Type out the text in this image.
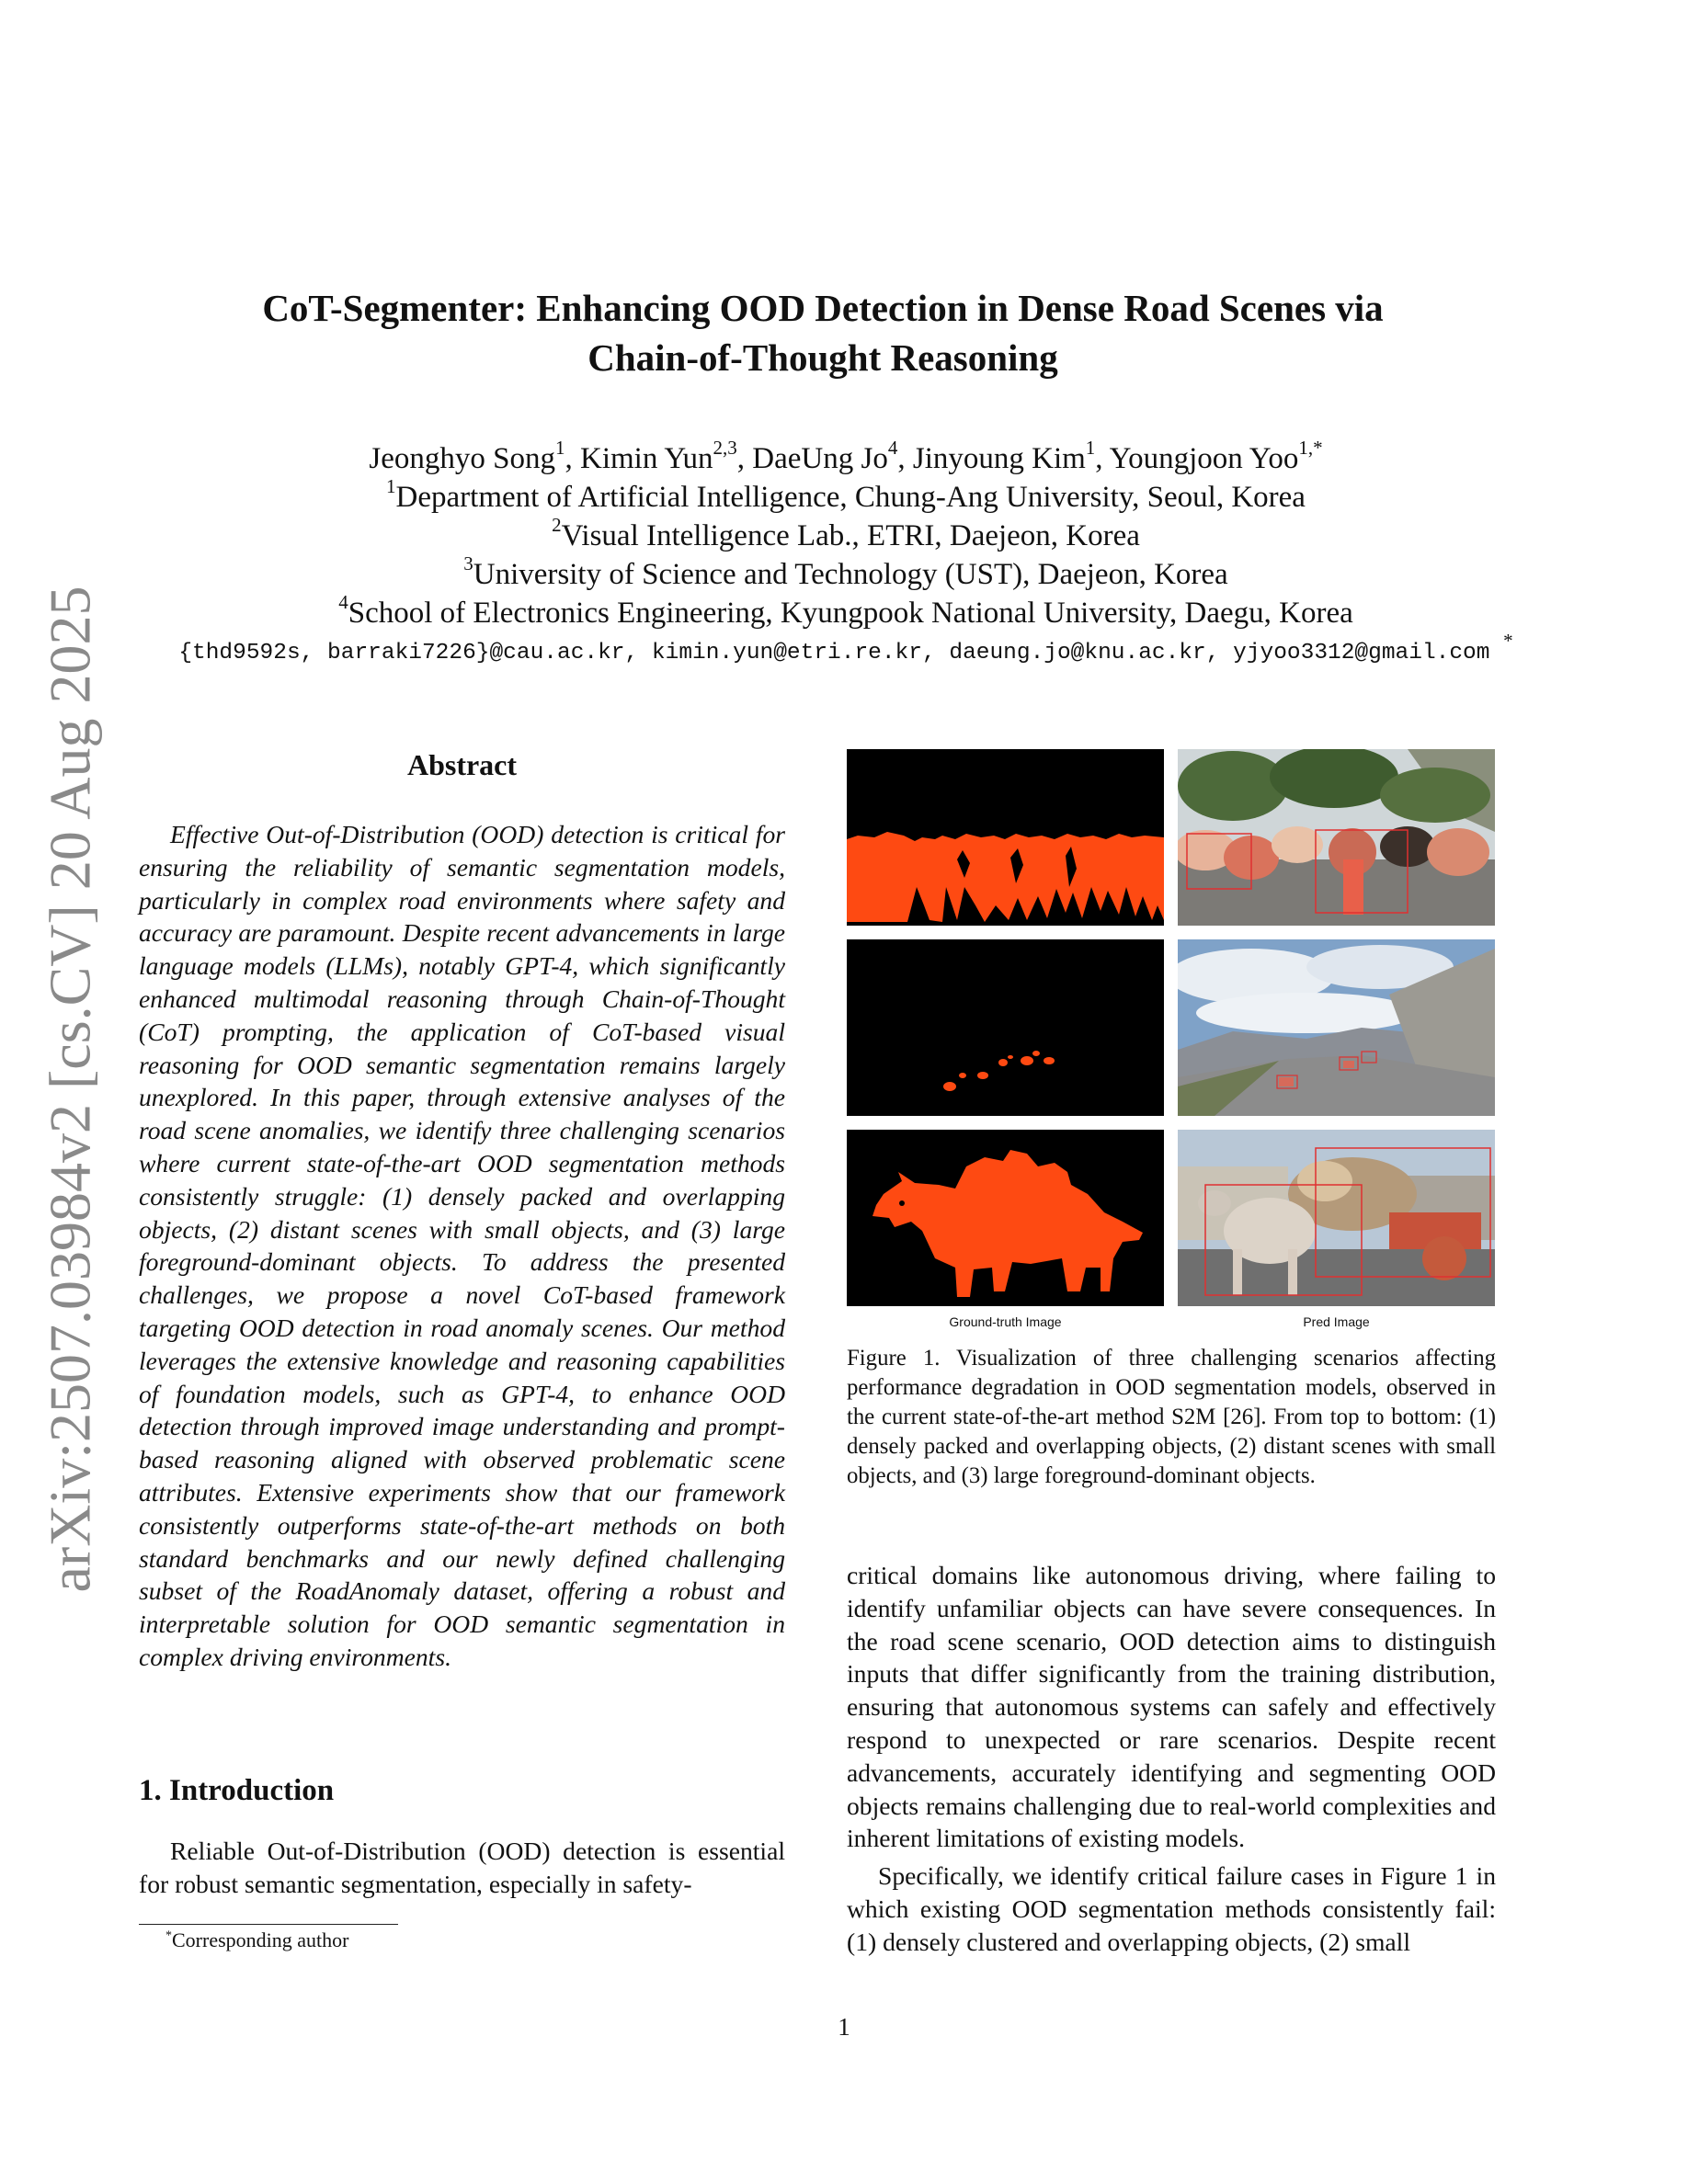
arXiv:2507.03984v2 [cs.CV] 20 Aug 2025
CoT-Segmenter: Enhancing OOD Detection in Dense Road Scenes via
Chain-of-Thought Reasoning
Jeonghyo Song$^1$, Kimin Yun$^{2,3}$, DaeUng Jo$^4$, Jinyoung Kim$^1$, Youngjoon Yoo$^{1,*}$
$^1$Department of Artificial Intelligence, Chung-Ang University, Seoul, Korea
$^2$Visual Intelligence Lab., ETRI, Daejeon, Korea
$^3$University of Science and Technology (UST), Daejeon, Korea
$^4$School of Electronics Engineering, Kyungpook National University, Daegu, Korea
{thd9592s, barraki7226}@cau.ac.kr, kimin.yun@etri.re.kr, daeung.jo@knu.ac.kr, yjyoo3312@gmail.com *
Abstract

Effective Out-of-Distribution (OOD) detection is critical for ensuring the reliability of semantic segmentation models, particularly in complex road environments where safety and accuracy are paramount. Despite recent advancements in large language models (LLMs), notably GPT-4, which significantly enhanced multimodal reasoning through Chain-of-Thought (CoT) prompting, the application of CoT-based visual reasoning for OOD semantic segmentation remains largely unexplored. In this paper, through extensive analyses of the road scene anomalies, we identify three challenging scenarios where current state-of-the-art OOD segmentation methods consistently struggle: (1) densely packed and overlapping objects, (2) distant scenes with small objects, and (3) large foreground-dominant objects. To address the presented challenges, we propose a novel CoT-based framework targeting OOD detection in road anomaly scenes. Our method leverages the extensive knowledge and reasoning capabilities of foundation models, such as GPT-4, to enhance OOD detection through improved image understanding and prompt-based reasoning aligned with observed problematic scene attributes. Extensive experiments show that our framework consistently outperforms state-of-the-art methods on both standard benchmarks and our newly defined challenging subset of the RoadAnomaly dataset, offering a robust and interpretable solution for OOD semantic segmentation in complex driving environments.

1. Introduction

Reliable Out-of-Distribution (OOD) detection is essential for robust semantic segmentation, especially in safety-

*Corresponding author
Ground-truth Image	Pred Image

Figure 1. Visualization of three challenging scenarios affecting performance degradation in OOD segmentation models, observed in the current state-of-the-art method S2M [26]. From top to bottom: (1) densely packed and overlapping objects, (2) distant scenes with small objects, and (3) large foreground-dominant objects.

critical domains like autonomous driving, where failing to identify unfamiliar objects can have severe consequences. In the road scene scenario, OOD detection aims to distinguish inputs that differ significantly from the training distribution, ensuring that autonomous systems can safely and effectively respond to unexpected or rare scenarios. Despite recent advancements, accurately identifying and segmenting OOD objects remains challenging due to real-world complexities and inherent limitations of existing models.

Specifically, we identify critical failure cases in Figure 1 in which existing OOD segmentation methods consistently fail: (1) densely clustered and overlapping objects, (2) small

1
